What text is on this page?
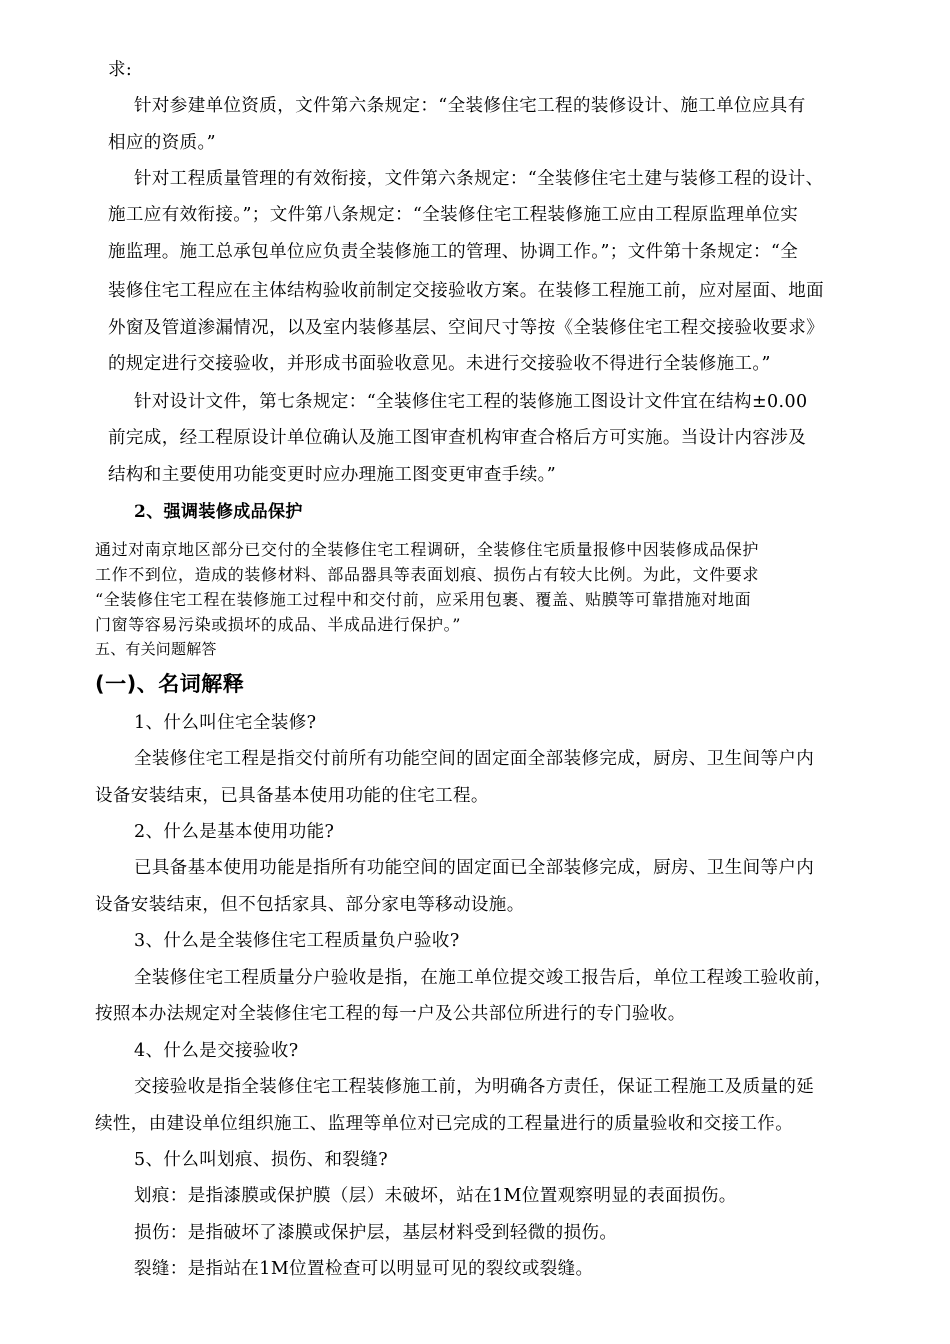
求:
针对参建单位资质，文件第六条规定：“全装修住宅工程的装修设计、施工单位应具有
相应的资质。”
针对工程质量管理的有效衔接，文件第六条规定：“全装修住宅土建与装修工程的设计、
施工应有效衔接。”；文件第八条规定：“全装修住宅工程装修施工应由工程原监理单位实
施监理。施工总承包单位应负责全装修施工的管理、协调工作。”；文件第十条规定：“全
装修住宅工程应在主体结构验收前制定交接验收方案。在装修工程施工前，应对屋面、地面
外窗及管道渗漏情况，以及室内装修基层、空间尺寸等按《全装修住宅工程交接验收要求》
的规定进行交接验收，并形成书面验收意见。未进行交接验收不得进行全装修施工。”
针对设计文件，第七条规定：“全装修住宅工程的装修施工图设计文件宜在结构±0.00
前完成，经工程原设计单位确认及施工图审查机构审查合格后方可实施。当设计内容涉及
结构和主要使用功能变更时应办理施工图变更审查手续。”
2、强调装修成品保护
通过对南京地区部分已交付的全装修住宅工程调研，全装修住宅质量报修中因装修成品保护
工作不到位，造成的装修材料、部品器具等表面划痕、损伤占有较大比例。为此，文件要求
“全装修住宅工程在装修施工过程中和交付前，应采用包裹、覆盖、贴膜等可靠措施对地面
门窗等容易污染或损坏的成品、半成品进行保护。”
五、有关问题解答
(一)、名词解释
1、什么叫住宅全装修?
全装修住宅工程是指交付前所有功能空间的固定面全部装修完成，厨房、卫生间等户内
设备安装结束，已具备基本使用功能的住宅工程。
2、什么是基本使用功能?
已具备基本使用功能是指所有功能空间的固定面已全部装修完成，厨房、卫生间等户内
设备安装结束，但不包括家具、部分家电等移动设施。
3、什么是全装修住宅工程质量负户验收?
全装修住宅工程质量分户验收是指，在施工单位提交竣工报告后，单位工程竣工验收前，
按照本办法规定对全装修住宅工程的每一户及公共部位所进行的专门验收。
4、什么是交接验收?
交接验收是指全装修住宅工程装修施工前，为明确各方责任，保证工程施工及质量的延
续性，由建设单位组织施工、监理等单位对已完成的工程量进行的质量验收和交接工作。
5、什么叫划痕、损伤、和裂缝?
划痕：是指漆膜或保护膜（层）未破坏，站在1M位置观察明显的表面损伤。
损伤：是指破坏了漆膜或保护层，基层材料受到轻微的损伤。
裂缝：是指站在1M位置检查可以明显可见的裂纹或裂缝。
